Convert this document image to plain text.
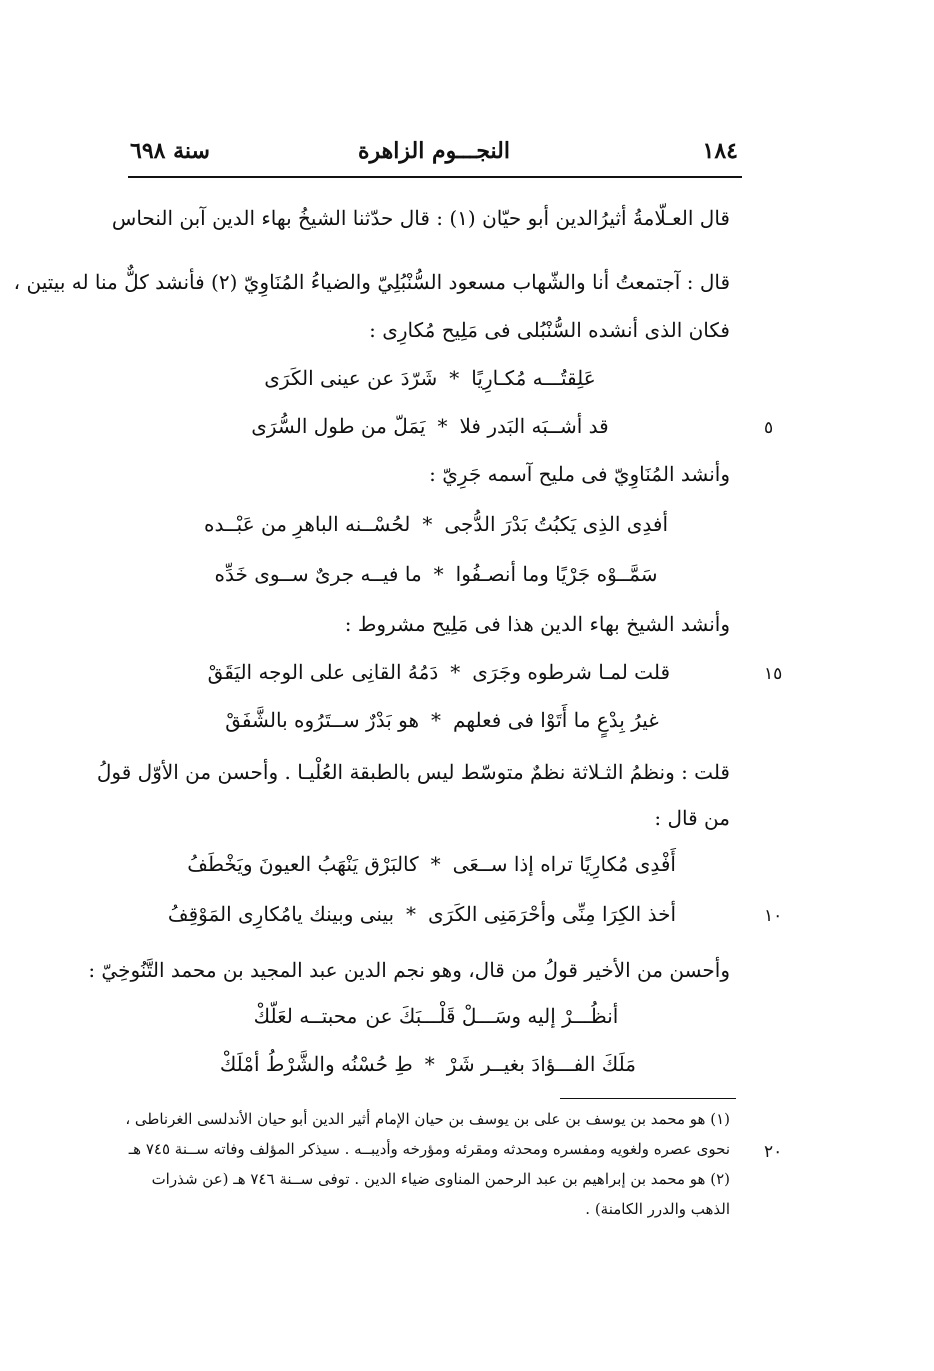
١٨٤
النجـــوم الزاهرة
سنة ٦٩٨
قال العـلّامةُ أثيرُالدين أبو حيّان (١) : قال حدّثنا الشيخُ بهاء الدين آبن النحاس
قال : آجتمعتُ أنا والشّهاب مسعود السُّنْبُلِيّ والضياءُ المُنَاوِيّ (٢) فأنشد كلٌّ منا له بيتين ،
فكان الذى أنشده السُّنْبُلى فى مَلِيح مُكارِى :
عَلِقتُـــه مُكـارِيًا*شَرّدَ عن عينى الكَرَى
قد أشــبَه البَدر فلا*يَمَلّ من طول السُّرَى	٥
وأنشد المُنَاوِيّ فى مليح آسمه جَرِيّ :
أفدِى الذِى يَكبُتُ بَدْرَ الدُّجى*لحُسْــنه الباهرِ من عَبْــده
سَمَّــوْه جَرْيًا وما أنصـفُوا*ما فيــه جرىٌ ســوى خَدِّه
وأنشد الشيخ بهاء الدين هذا فى مَلِيح مشروط :
قلت لمـا شرطوه وجَرَى*دَمُهُ القانِى على الوجه اليَقَقْ	١٥
غيرُ بِدْعٍ ما أَتَوْا فى فعلهم*هو بَدْرٌ ســتَرُوه بالشَّفَقْ
قلت : ونظمُ الثـلاثة نظمٌ متوسّط ليس بالطبقة العُلْيـا . وأحسن من الأوّل قولُ
من قال :
أَفْدِى مُكارِيًا تراه إذا ســعَى*كالبَرْق يَنْهَبُ العيونَ ويَخْطَفُ
أخذ الكِرَا مِنِّى وأحْرَمَنِى الكَرَى*بينى وبينك يامُكارِى المَوْقِفُ	١٠
وأحسن من الأخير قولُ من قال، وهو نجم الدين عبد المجيد بن محمد التَّنُوخِيّ :
أنظُـــرْ إليه وسَـــلْ قَلْـــبَكَ عنمحبتــه لعَلّكْ
مَلَكَ الفـــؤادَ بغيــر شَرْ*طِ حُسْنُه والشَّرْطُ أمْلَكْ
(١) هو محمد بن يوسف بن على بن يوسف بن حيان الإمام أثير الدين أبو حيان الأندلسى الغرناطى ،
نحوى عصره ولغويه ومفسره ومحدثه ومقرئه ومؤرخه وأديبــه . سيذكر المؤلف وفاته ســنة ٧٤٥ هـ ٢٠
(٢) هو محمد بن إبراهيم بن عبد الرحمن المناوى ضياء الدين . توفى ســنة ٧٤٦ هـ (عن شذرات
الذهب والدرر الكامنة) .
